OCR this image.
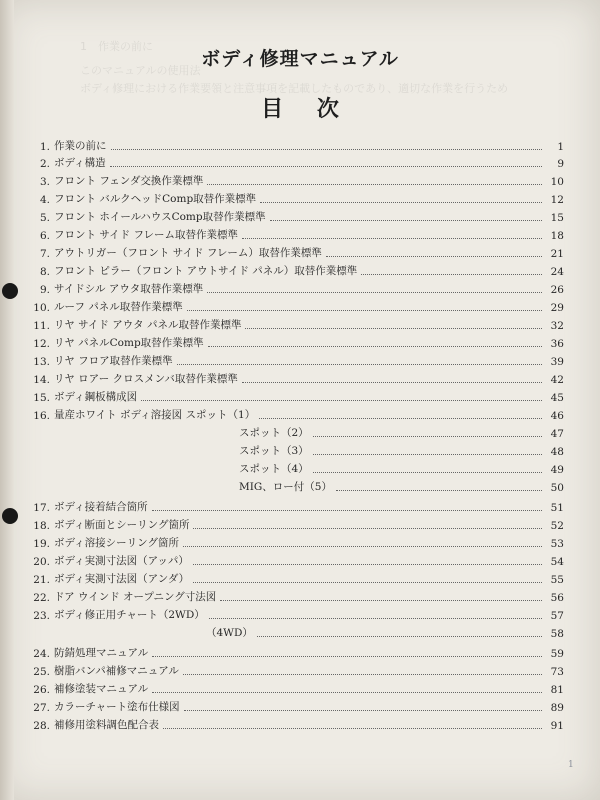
1　作業の前に
このマニュアルの使用法　　　　　　　　　　　　　　　　　　　　　　　　　　　　　　　
ボディ修理における作業要領と注意事項を記載したものであり、適切な作業を行うため
ボディ修理マニュアル
目 次
1. 作業の前に	1
2. ボディ構造	9
3. フロント フェンダ交換作業標準	10
4. フロント バルクヘッドComp取替作業標準	12
5. フロント ホイールハウスComp取替作業標準	15
6. フロント サイド フレーム取替作業標準	18
7. アウトリガー（フロント サイド フレーム）取替作業標準	21
8. フロント ピラー（フロント アウトサイド パネル）取替作業標準	24
9. サイドシル アウタ取替作業標準	26
10. ルーフ パネル取替作業標準	29
11. リヤ サイド アウタ パネル取替作業標準	32
12. リヤ パネルComp取替作業標準	36
13. リヤ フロア取替作業標準	39
14. リヤ ロアー クロスメンバ取替作業標準	42
15. ボディ鋼板構成図	45
16. 量産ホワイト ボディ溶接図 スポット（1）	46
スポット（2）	47
スポット（3）	48
スポット（4）	49
MIG、ロー付（5）	50
17. ボディ接着結合箇所	51
18. ボディ断面とシーリング箇所	52
19. ボディ溶接シーリング箇所	53
20. ボディ実測寸法図（アッパ）	54
21. ボディ実測寸法図（アンダ）	55
22. ドア ウインド オープニング寸法図	56
23. ボディ修正用チャート（2WD）	57
（4WD）	58
24. 防錆処理マニュアル	59
25. 樹脂バンパ補修マニュアル	73
26. 補修塗装マニュアル	81
27. カラーチャート塗布仕様図	89
28. 補修用塗料調色配合表	91
1
